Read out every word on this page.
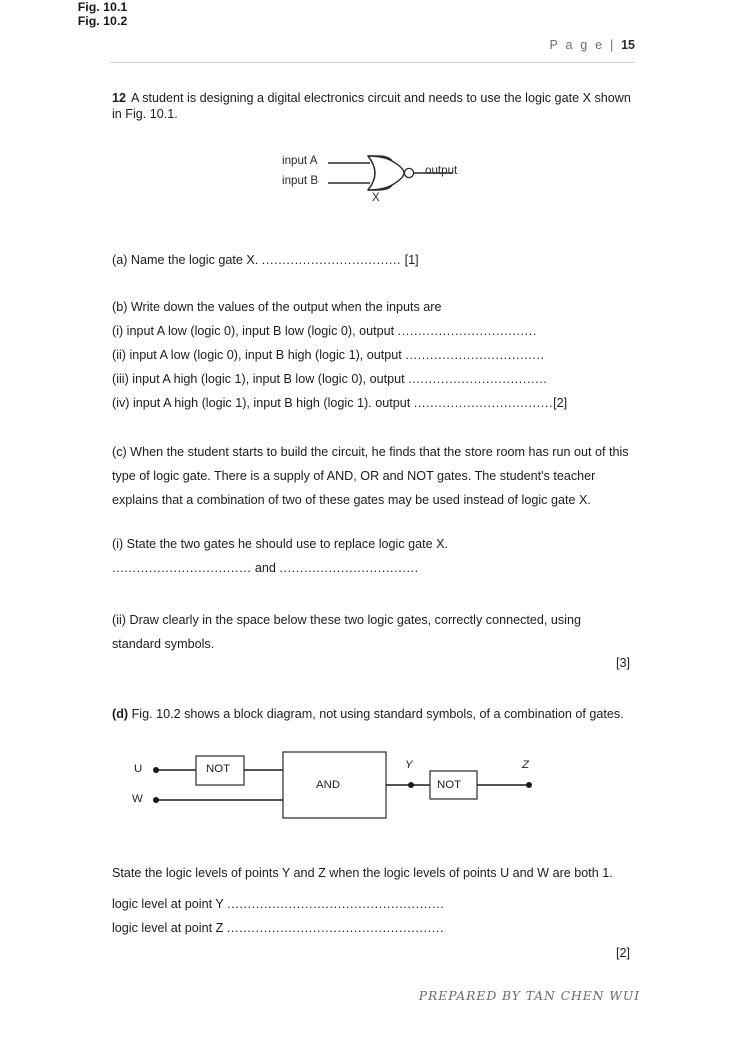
P a g e | 15
12 A student is designing a digital electronics circuit and needs to use the logic gate X shown in Fig. 10.1.
input A
input B
output
X
Fig. 10.1
(a) Name the logic gate X. .................................. [1]
(b) Write down the values of the output when the inputs are
(i) input A low (logic 0), input B low (logic 0), output ..................................
(ii) input A low (logic 0), input B high (logic 1), output ..................................
(iii) input A high (logic 1), input B low (logic 0), output ..................................
(iv) input A high (logic 1), input B high (logic 1). output ..................................[2]
(c) When the student starts to build the circuit, he finds that the store room has run out of this type of logic gate. There is a supply of AND, OR and NOT gates. The student's teacher explains that a combination of two of these gates may be used instead of logic gate X.
(i) State the two gates he should use to replace logic gate X.
.................................. and ..................................
(ii) Draw clearly in the space below these two logic gates, correctly connected, using standard symbols.
[3]
(d) Fig. 10.2 shows a block diagram, not using standard symbols, of a combination of gates.
U
W
NOT
AND
Y
NOT
Z
Fig. 10.2
State the logic levels of points Y and Z when the logic levels of points U and W are both 1.
logic level at point Y .....................................................
logic level at point Z .....................................................
[2]
PREPARED BY TAN CHEN WUI
